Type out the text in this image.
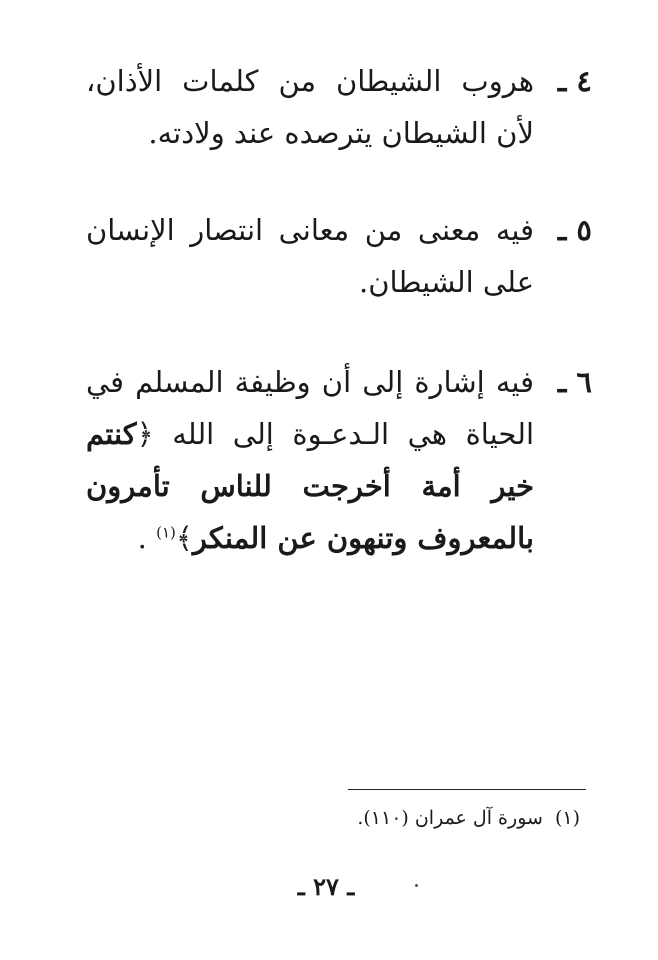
٤ ـ
هروب الشيطان من كلمات الأذان، لأن الشيطان يترصده عند ولادته.
٥ ـ
فيه معنى من معانى انتصار الإنسان على الشيطان.
٦ ـ
فيه إشارة إلى أن وظيفة المسلم في الحياة هي الـدعـوة إلى الله ﴿كنتم خير أمة أخرجت للناس تأمرون بالمعروف وتنهون عن المنكر﴾$^{(١)}$ .
(١)سورة آل عمران (١١٠).
ـ ٢٧ ـ
